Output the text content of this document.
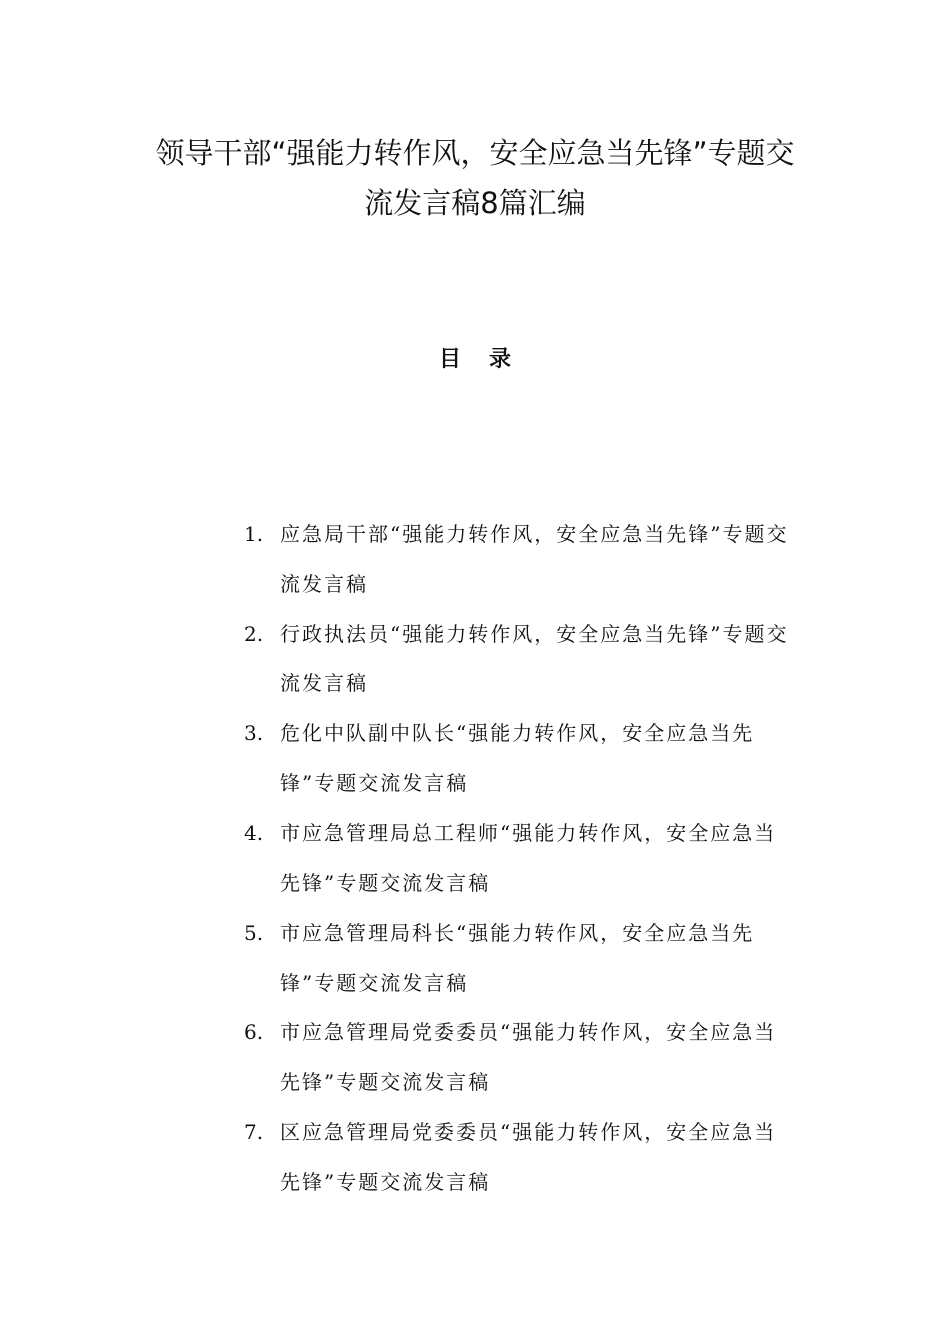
领导干部“强能力转作风，安全应急当先锋”专题交
流发言稿8篇汇编
目录
1. 应急局干部“强能力转作风，安全应急当先锋”专题交流发言稿
2. 行政执法员“强能力转作风，安全应急当先锋”专题交流发言稿
3. 危化中队副中队长“强能力转作风，安全应急当先锋”专题交流发言稿
4. 市应急管理局总工程师“强能力转作风，安全应急当先锋”专题交流发言稿
5. 市应急管理局科长“强能力转作风，安全应急当先锋”专题交流发言稿
6. 市应急管理局党委委员“强能力转作风，安全应急当先锋”专题交流发言稿
7. 区应急管理局党委委员“强能力转作风，安全应急当先锋”专题交流发言稿
